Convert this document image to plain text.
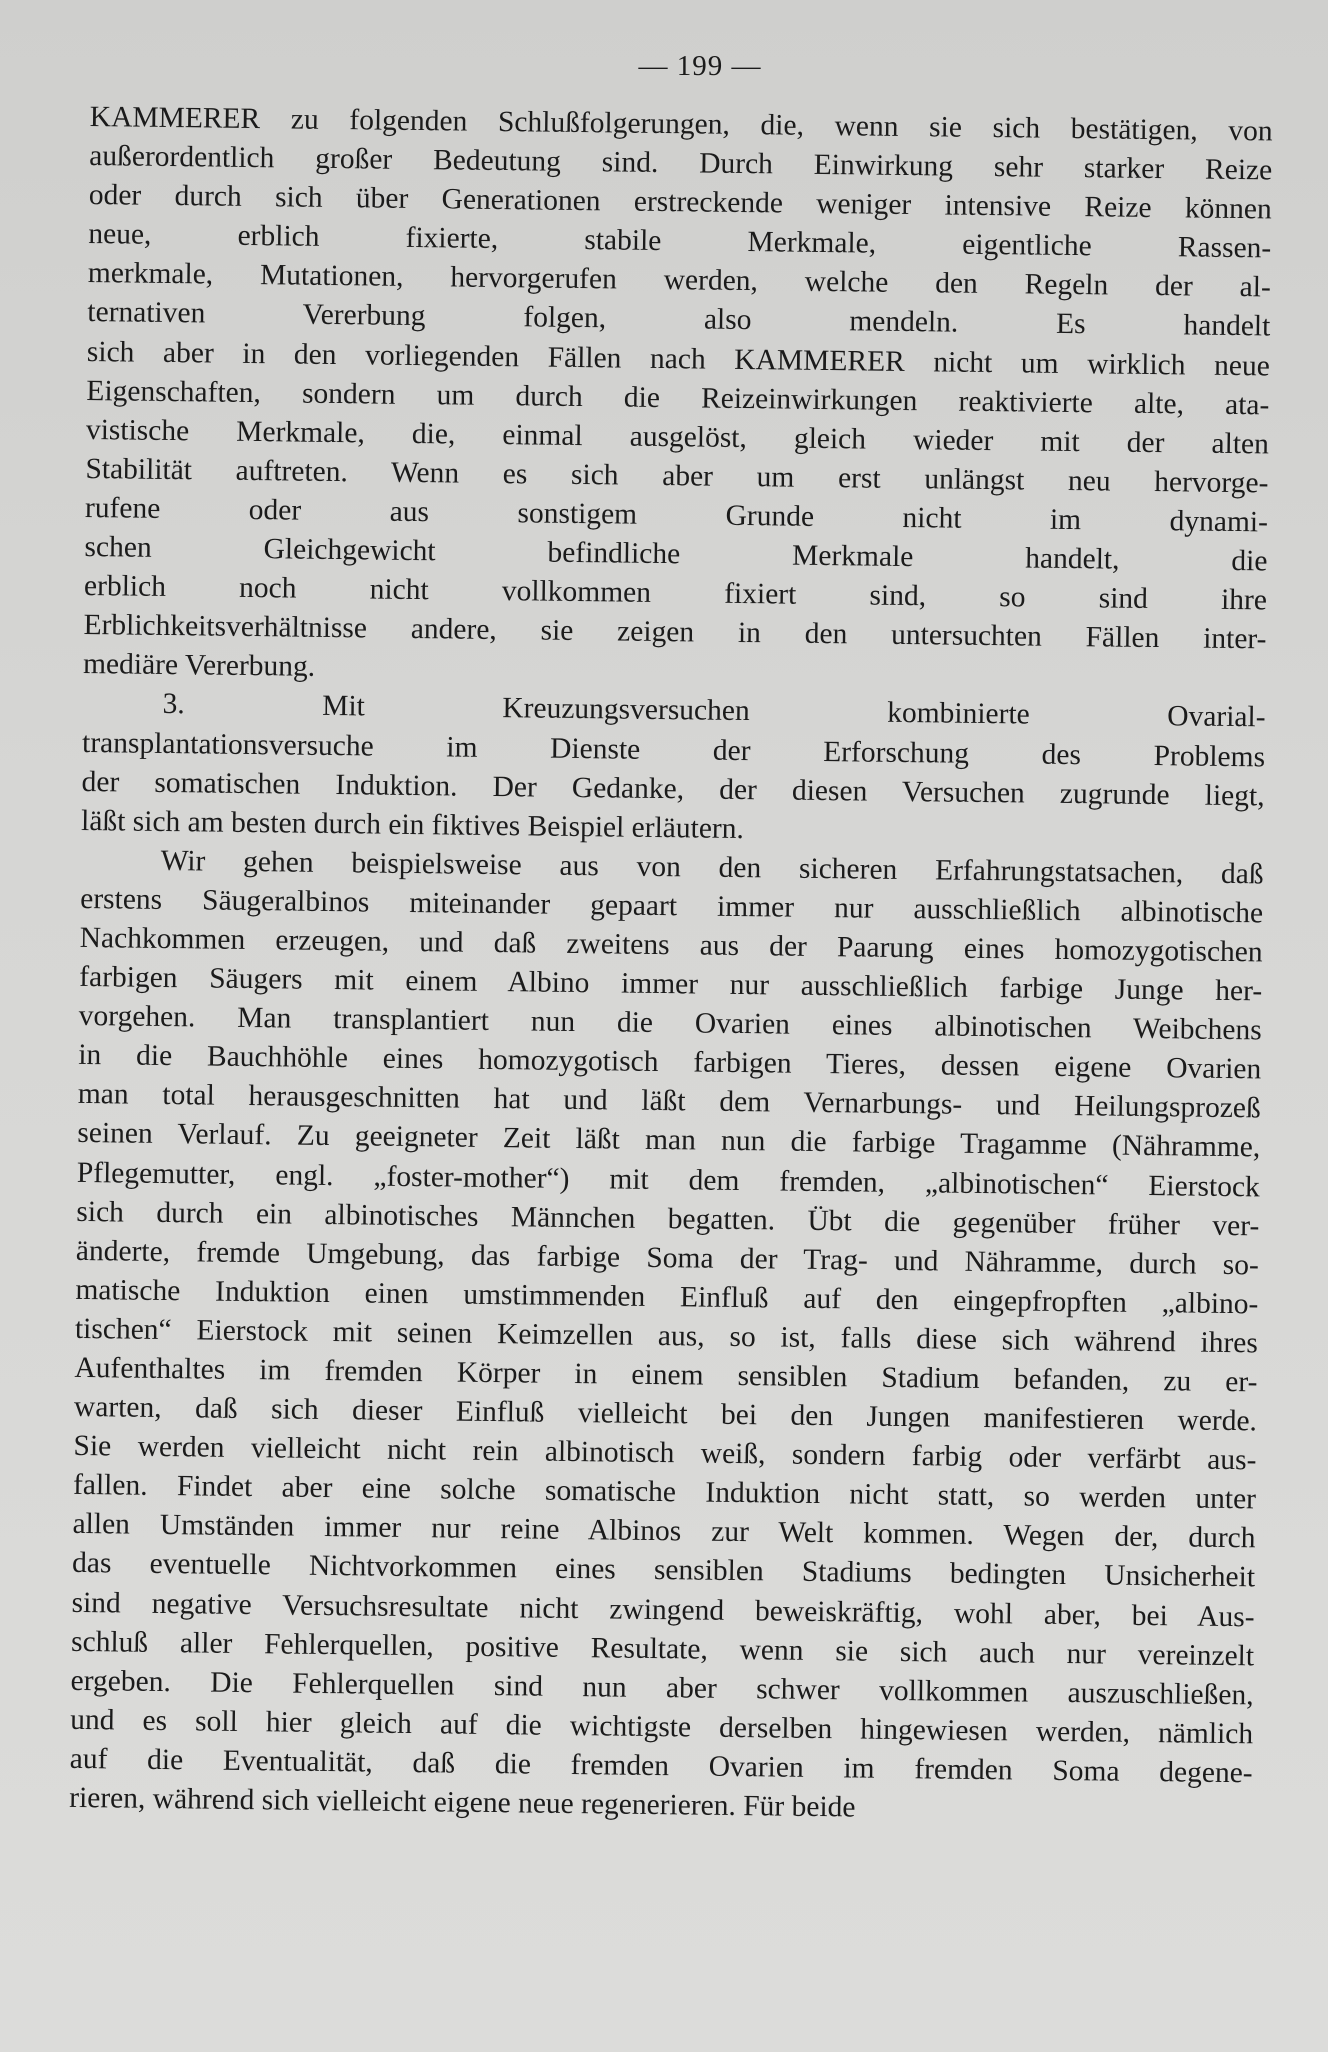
— 199 —

KAMMERER zu folgenden Schlußfolgerungen, die, wenn sie sich bestätigen, von
außerordentlich großer Bedeutung sind. Durch Einwirkung sehr starker Reize
oder durch sich über Generationen erstreckende weniger intensive Reize können
neue, erblich fixierte, stabile Merkmale, eigentliche Rassen-
merkmale, Mutationen, hervorgerufen werden, welche den Regeln der al-
ternativen Vererbung folgen, also mendeln. Es handelt
sich aber in den vorliegenden Fällen nach KAMMERER nicht um wirklich neue
Eigenschaften, sondern um durch die Reizeinwirkungen reaktivierte alte, ata-
vistische Merkmale, die, einmal ausgelöst, gleich wieder mit der alten
Stabilität auftreten. Wenn es sich aber um erst unlängst neu hervorge-
rufene oder aus sonstigem Grunde nicht im dynami-
schen Gleichgewicht befindliche Merkmale handelt, die
erblich noch nicht vollkommen fixiert sind, so sind ihre
Erblichkeitsverhältnisse andere, sie zeigen in den untersuchten Fällen inter-
mediäre Vererbung.

3. Mit Kreuzungsversuchen kombinierte Ovarial-
transplantationsversuche im Dienste der Erforschung des Problems
der somatischen Induktion. Der Gedanke, der diesen Versuchen zugrunde liegt,
läßt sich am besten durch ein fiktives Beispiel erläutern.

Wir gehen beispielsweise aus von den sicheren Erfahrungstatsachen, daß
erstens Säugeralbinos miteinander gepaart immer nur ausschließlich albinotische
Nachkommen erzeugen, und daß zweitens aus der Paarung eines homozygotischen
farbigen Säugers mit einem Albino immer nur ausschließlich farbige Junge her-
vorgehen. Man transplantiert nun die Ovarien eines albinotischen Weibchens
in die Bauchhöhle eines homozygotisch farbigen Tieres, dessen eigene Ovarien
man total herausgeschnitten hat und läßt dem Vernarbungs- und Heilungsprozeß
seinen Verlauf. Zu geeigneter Zeit läßt man nun die farbige Tragamme (Nähramme,
Pflegemutter, engl. „foster-mother“) mit dem fremden, „albinotischen“ Eierstock
sich durch ein albinotisches Männchen begatten. Übt die gegenüber früher ver-
änderte, fremde Umgebung, das farbige Soma der Trag- und Nähramme, durch so-
matische Induktion einen umstimmenden Einfluß auf den eingepfropften „albino-
tischen“ Eierstock mit seinen Keimzellen aus, so ist, falls diese sich während ihres
Aufenthaltes im fremden Körper in einem sensiblen Stadium befanden, zu er-
warten, daß sich dieser Einfluß vielleicht bei den Jungen manifestieren werde.
Sie werden vielleicht nicht rein albinotisch weiß, sondern farbig oder verfärbt aus-
fallen. Findet aber eine solche somatische Induktion nicht statt, so werden unter
allen Umständen immer nur reine Albinos zur Welt kommen. Wegen der, durch
das eventuelle Nichtvorkommen eines sensiblen Stadiums bedingten Unsicherheit
sind negative Versuchsresultate nicht zwingend beweiskräftig, wohl aber, bei Aus-
schluß aller Fehlerquellen, positive Resultate, wenn sie sich auch nur vereinzelt
ergeben. Die Fehlerquellen sind nun aber schwer vollkommen auszuschließen,
und es soll hier gleich auf die wichtigste derselben hingewiesen werden, nämlich
auf die Eventualität, daß die fremden Ovarien im fremden Soma degene-
rieren, während sich vielleicht eigene neue regenerieren. Für beide
